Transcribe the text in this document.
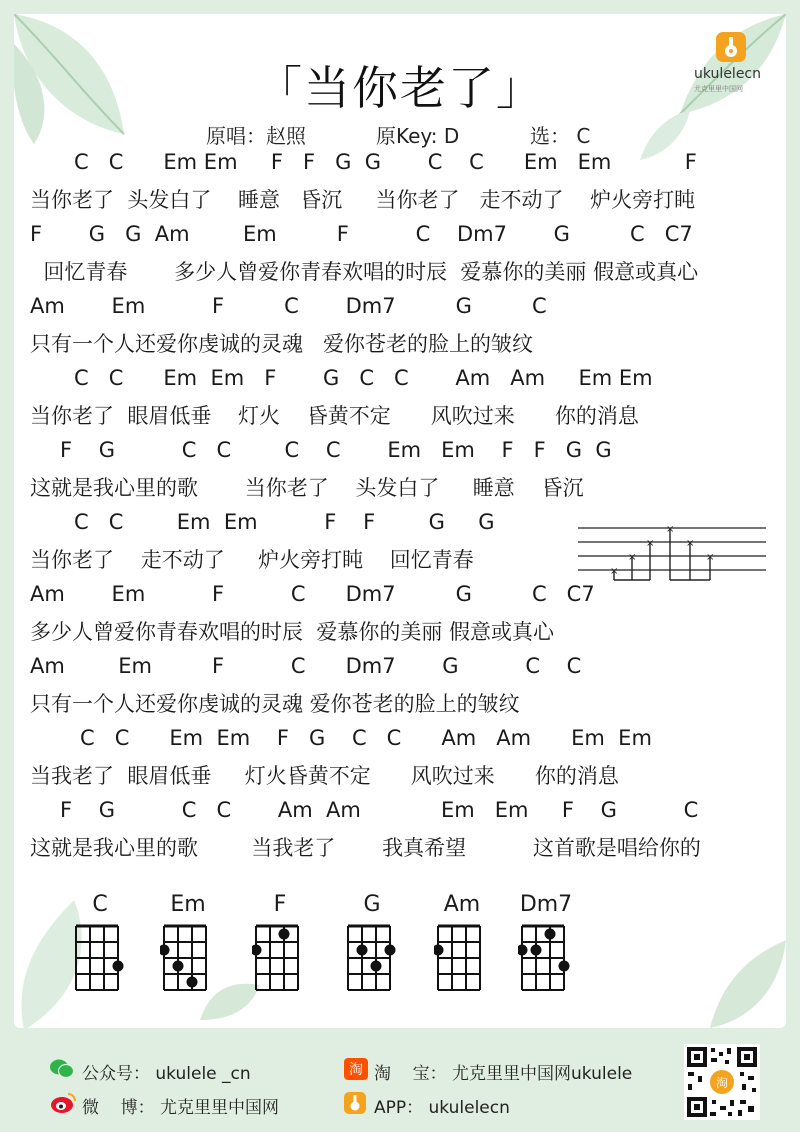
「当你老了」
原唱：赵照	原Key: D	选： C
ukulelecn
尤克里里中国网
C   C      Em Em     F   F   G  G       C    C      Em   Em           F
当你老了  头发白了    睡意   昏沉     当你老了   走不动了    炉火旁打盹
F       G   G  Am        Em         F          C    Dm7       G         C   C7
回忆青春       多少人曾爱你青春欢唱的时辰  爱慕你的美丽 假意或真心
Am       Em          F         C       Dm7         G         C
只有一个人还爱你虔诚的灵魂   爱你苍老的脸上的皱纹
C   C      Em  Em   F       G   C   C       Am   Am     Em Em
当你老了  眼眉低垂    灯火    昏黄不定      风吹过来      你的消息
F    G          C   C        C    C       Em   Em    F   F   G  G
这就是我心里的歌       当你老了    头发白了     睡意    昏沉
C   C        Em  Em          F    F        G     G
当你老了    走不动了     炉火旁打盹    回忆青春
Am       Em          F          C      Dm7         G         C   C7
多少人曾爱你青春欢唱的时辰  爱慕你的美丽 假意或真心
Am        Em         F          C      Dm7       G          C    C
只有一个人还爱你虔诚的灵魂 爱你苍老的脸上的皱纹
C   C      Em  Em    F   G    C   C      Am   Am      Em  Em
当我老了  眼眉低垂     灯火昏黄不定      风吹过来      你的消息
F    G          C   C       Am  Am            Em   Em     F    G          C
这就是我心里的歌        当我老了       我真希望          这首歌是唱给你的
×
×
×
×
×
×
C	Em	F	G	Am	Dm7
公众号： ukulele _cn
微    博： 尤克里里中国网
淘 淘    宝： 尤克里里中国网ukulele
APP： ukulelecn
淘
